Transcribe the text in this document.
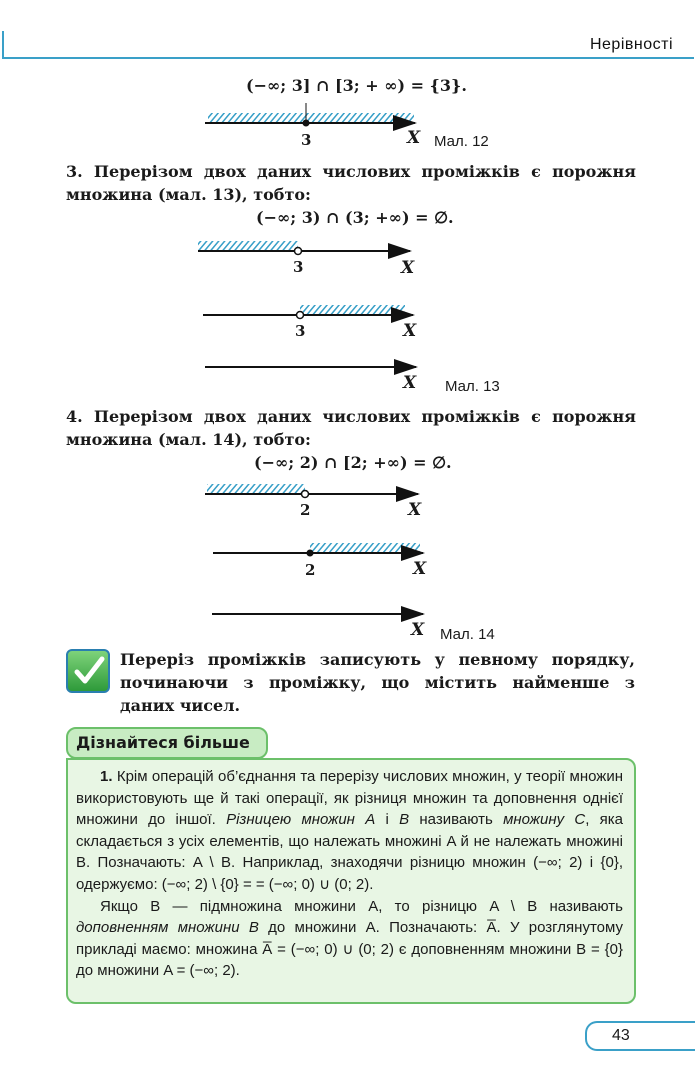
Нерівності
(−∞; 3] ∩ [3; + ∞) = {3}.
3	X Мал. 12
3. Перерізом двох даних числових проміжків є порожня множина (мал. 13), тобто:
(−∞; 3) ∩ (3; +∞) = ∅.
3	X
3	X
X Мал. 13
4. Перерізом двох даних числових проміжків є порожня множина (мал. 14), тобто:
(−∞; 2) ∩ [2; +∞) = ∅.
2	X
2	X
X Мал. 14
Переріз проміжків записують у певному порядку, починаючи з проміжку, що містить найменше з даних чисел.
Дізнайтеся більше

1. Крім операцій об’єднання та перерізу числових множин, у теорії множин використовують ще й такі операції, як різниця множин та доповнення однієї множини до іншої. Різницею множин A і B називають множину C, яка складається з усіх елементів, що належать множині A й не належать множині B. Позначають: A \ B. Наприклад, знаходячи різницю множин (−∞; 2) і {0}, одержуємо: (−∞; 2) \ {0} = = (−∞; 0) ∪ (0; 2).

Якщо B — підмножина множини A, то різницю A \ B називають доповненням множини B до множини A. Позначають: A̅. У розглянутому прикладі маємо: множина A̅ = (−∞; 0) ∪ (0; 2) є доповненням множини B = {0} до множини A = (−∞; 2).

43
